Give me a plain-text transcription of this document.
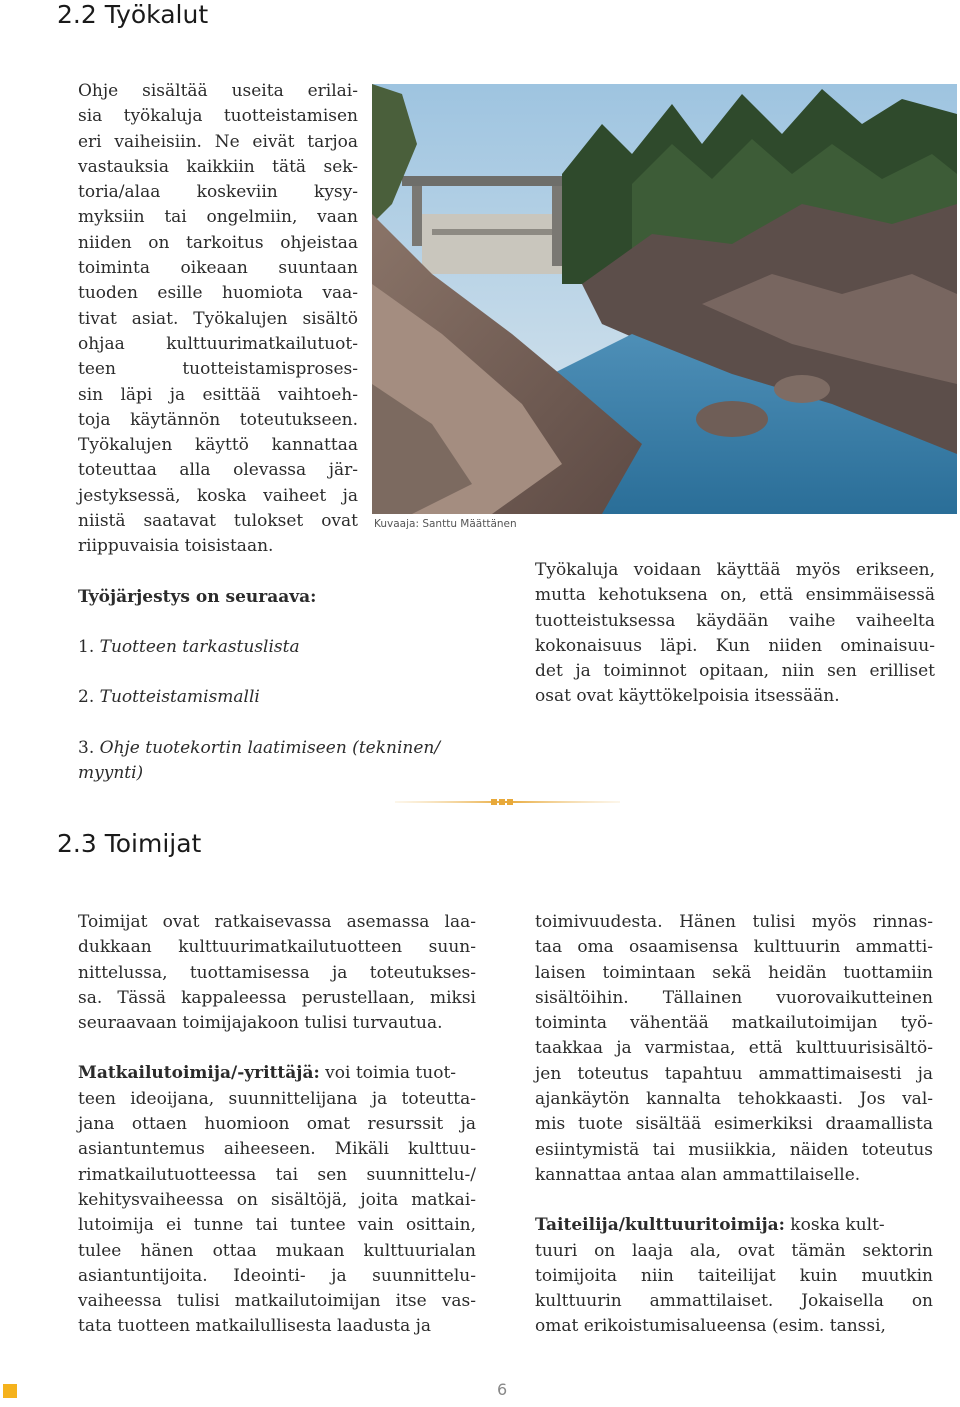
2.2 Työkalut

Ohje sisältää useita erilai-

sia työkaluja tuotteistamisen

eri vaiheisiin. Ne eivät tarjoa

vastauksia kaikkiin tätä sek-

toria/alaa koskeviin kysy-

myksiin tai ongelmiin, vaan

niiden on tarkoitus ohjeistaa

toiminta oikeaan suuntaan

tuoden esille huomiota vaa-

tivat asiat. Työkalujen sisältö

ohjaa kulttuurimatkailutuot-

teen tuotteistamisproses-

sin läpi ja esittää vaihtoeh-

toja käytännön toteutukseen.

Työkalujen käyttö kannattaa

toteuttaa alla olevassa jär-

jestyksessä, koska vaiheet ja

niistä saatavat tulokset ovat

riippuvaisia toisistaan.

Työjärjestys on seuraava:

1. Tuotteen tarkastuslista

2. Tuotteistamismalli

3. Ohje tuotekortin laatimiseen (tekninen/

myynti)

Kuvaaja: Santtu Määttänen

Työkaluja voidaan käyttää myös erikseen,

mutta kehotuksena on, että ensimmäisessä

tuotteistuksessa käydään vaihe vaiheelta

kokonaisuus läpi. Kun niiden ominaisuu-

det ja toiminnot opitaan, niin sen erilliset

osat ovat käyttökelpoisia itsessään.

2.3 Toimijat

Toimijat ovat ratkaisevassa asemassa laa-

dukkaan kulttuurimatkailutuotteen suun-

nittelussa, tuottamisessa ja toteutukses-

sa. Tässä kappaleessa perustellaan, miksi

seuraavaan toimijajakoon tulisi turvautua.

Matkailutoimija/-yrittäjä: voi toimia tuot-

teen ideoijana, suunnittelijana ja toteutta-

jana ottaen huomioon omat resurssit ja

asiantuntemus aiheeseen. Mikäli kulttuu-

rimatkailutuotteessa tai sen suunnittelu-/

kehitysvaiheessa on sisältöjä, joita matkai-

lutoimija ei tunne tai tuntee vain osittain,

tulee hänen ottaa mukaan kulttuurialan

asiantuntijoita. Ideointi- ja suunnittelu-

vaiheessa tulisi matkailutoimijan itse vas-

tata tuotteen matkailullisesta laadusta ja

toimivuudesta. Hänen tulisi myös rinnas-

taa oma osaamisensa kulttuurin ammatti-

laisen toimintaan sekä heidän tuottamiin

sisältöihin. Tällainen vuorovaikutteinen

toiminta vähentää matkailutoimijan työ-

taakkaa ja varmistaa, että kulttuurisisältö-

jen toteutus tapahtuu ammattimaisesti ja

ajankäytön kannalta tehokkaasti. Jos val-

mis tuote sisältää esimerkiksi draamallista

esiintymistä tai musiikkia, näiden toteutus

kannattaa antaa alan ammattilaiselle.

Taiteilija/kulttuuritoimija: koska kult-

tuuri on laaja ala, ovat tämän sektorin

toimijoita niin taiteilijat kuin muutkin

kulttuurin ammattilaiset. Jokaisella on

omat erikoistumisalueensa (esim. tanssi,

6
